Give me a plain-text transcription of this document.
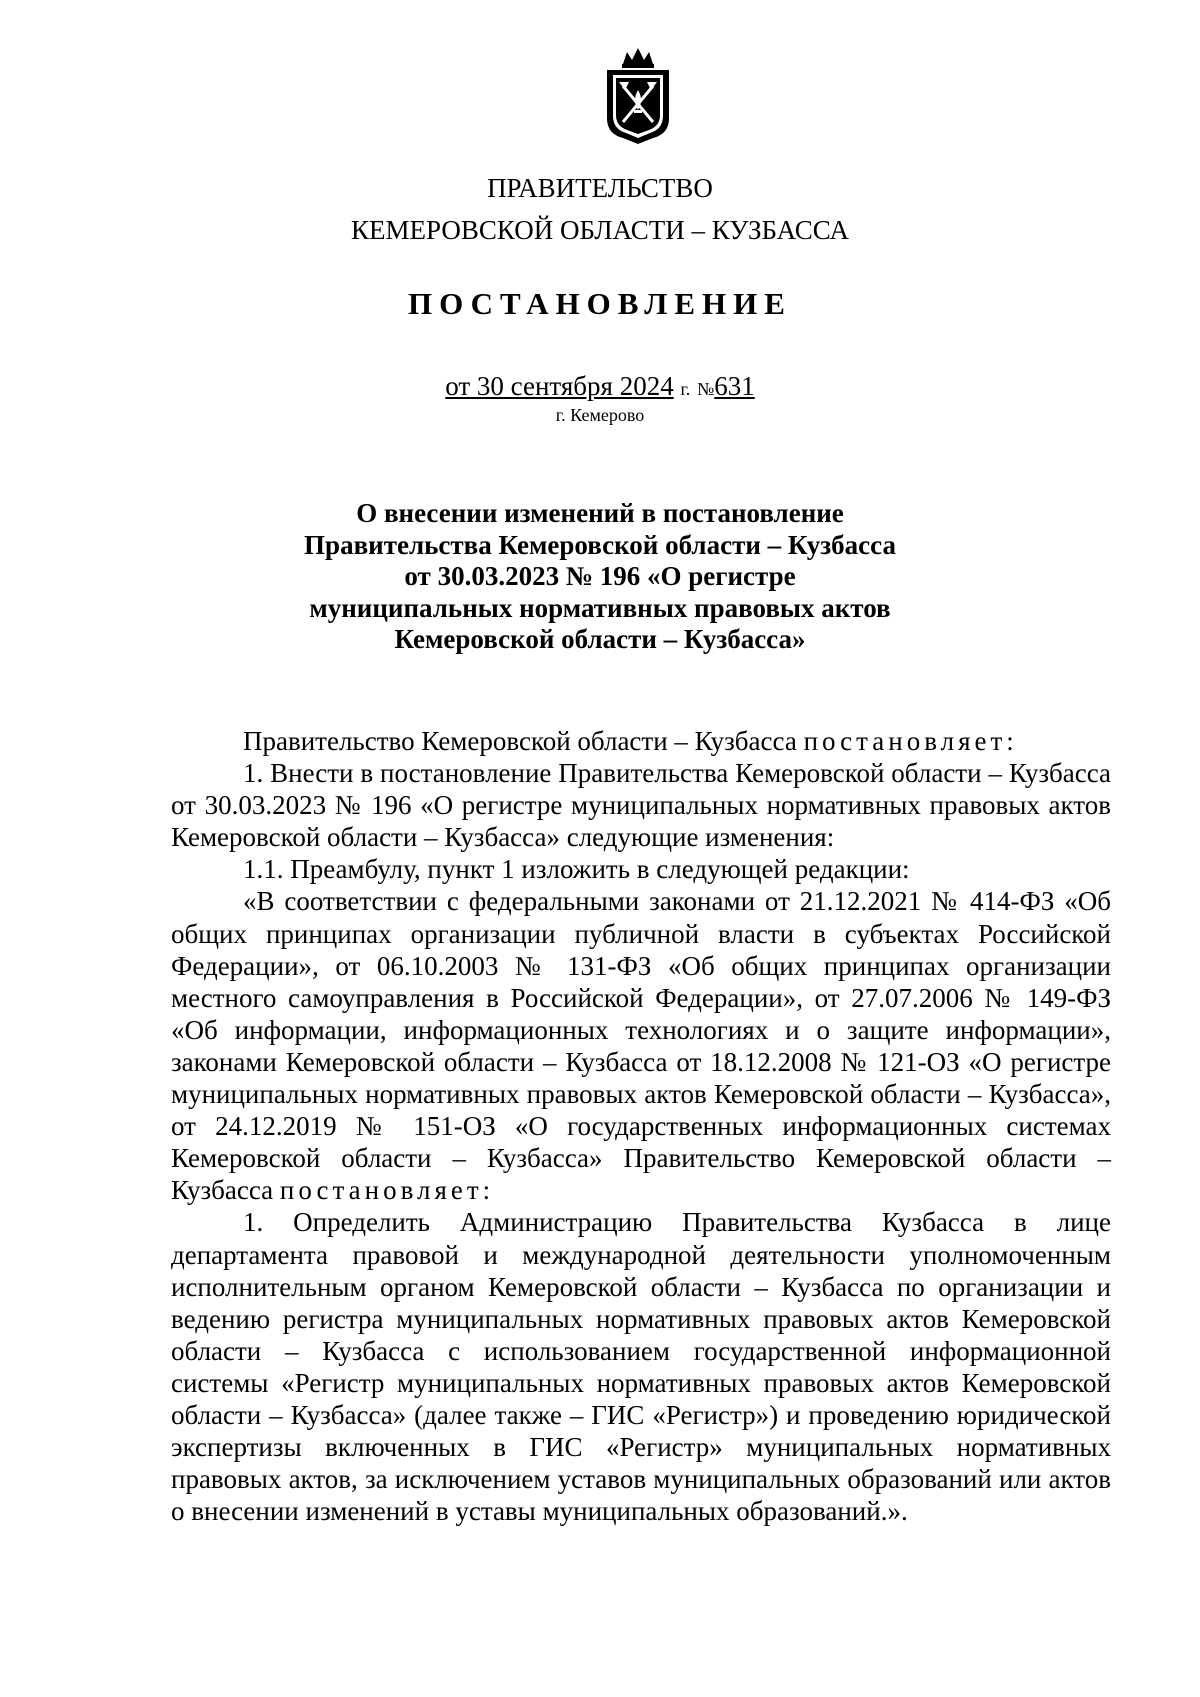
ПРАВИТЕЛЬСТВО
КЕМЕРОВСКОЙ ОБЛАСТИ – КУЗБАССА
ПОСТАНОВЛЕНИЕ
от 30 сентября 2024 г. №631
г. Кемерово
О внесении изменений в постановление
Правительства Кемеровской области – Кузбасса
от 30.03.2023 № 196 «О регистре
муниципальных нормативных правовых актов
Кемеровской области – Кузбасса»

Правительство Кемеровской области – Кузбасса постановляет:

1. Внести в постановление Правительства Кемеровской области – Кузбасса от 30.03.2023 № 196 «О регистре муниципальных нормативных правовых актов Кемеровской области – Кузбасса» следующие изменения:

1.1. Преамбулу, пункт 1 изложить в следующей редакции:

«В соответствии с федеральными законами от 21.12.2021 № 414-ФЗ «Об общих принципах организации публичной власти в субъектах Российской Федерации», от 06.10.2003 № 131-ФЗ «Об общих принципах организации местного самоуправления в Российской Федерации», от 27.07.2006 № 149-ФЗ «Об информации, информационных технологиях и о защите информации», законами Кемеровской области – Кузбасса от 18.12.2008 № 121-ОЗ «О регистре муниципальных нормативных правовых актов Кемеровской области – Кузбасса», от 24.12.2019 № 151-ОЗ «О государственных информационных системах Кемеровской области – Кузбасса» Правительство Кемеровской области – Кузбасса постановляет:

1. Определить Администрацию Правительства Кузбасса в лице департамента правовой и международной деятельности уполномоченным исполнительным органом Кемеровской области – Кузбасса по организации и ведению регистра муниципальных нормативных правовых актов Кемеровской области – Кузбасса с использованием государственной информационной системы «Регистр муниципальных нормативных правовых актов Кемеровской области – Кузбасса» (далее также – ГИС «Регистр») и проведению юридической экспертизы включенных в ГИС «Регистр» муниципальных нормативных правовых актов, за исключением уставов муниципальных образований или актов о внесении изменений в уставы муниципальных образований.».
